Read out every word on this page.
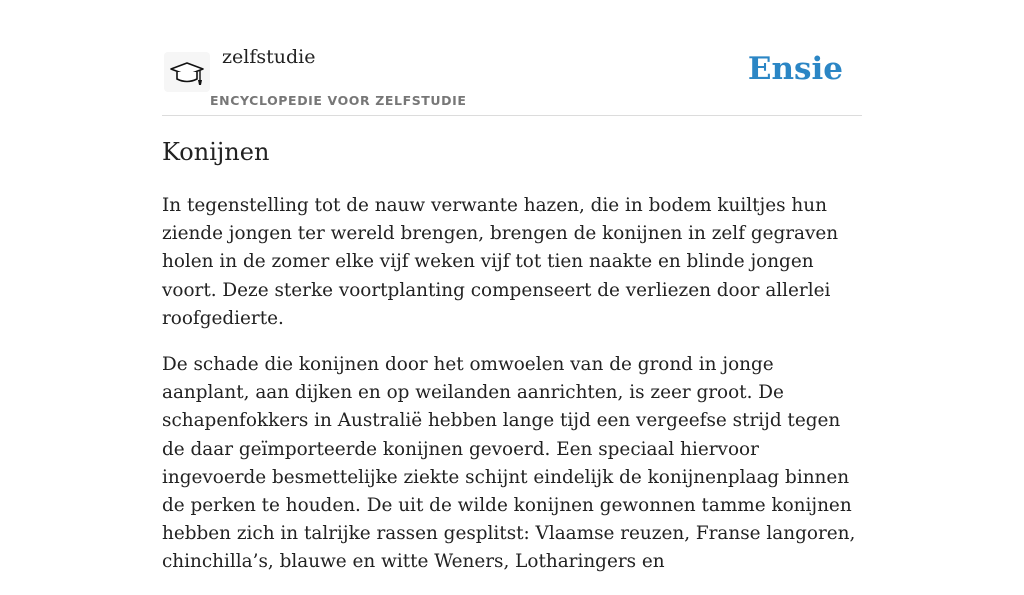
zelfstudie
ENCYCLOPEDIE VOOR ZELFSTUDIE
Ensie
Konijnen

In tegenstelling tot de nauw verwante hazen, die in bodem kuiltjes hun ziende jongen ter wereld brengen, brengen de konijnen in zelf gegraven holen in de zomer elke vijf weken vijf tot tien naakte en blinde jongen voort. Deze sterke voortplanting compenseert de verliezen door allerlei roofgedierte.

De schade die konijnen door het omwoelen van de grond in jonge aanplant, aan dijken en op weilanden aanrichten, is zeer groot. De schapenfokkers in Australië hebben lange tijd een vergeefse strijd tegen de daar geïmporteerde konijnen gevoerd. Een speciaal hiervoor ingevoerde besmettelijke ziekte schijnt eindelijk de konijnenplaag binnen de perken te houden. De uit de wilde konijnen gewonnen tamme konijnen hebben zich in talrijke rassen gesplitst: Vlaamse reuzen, Franse langoren, chinchilla’s, blauwe en witte Weners, Lotharingers en
